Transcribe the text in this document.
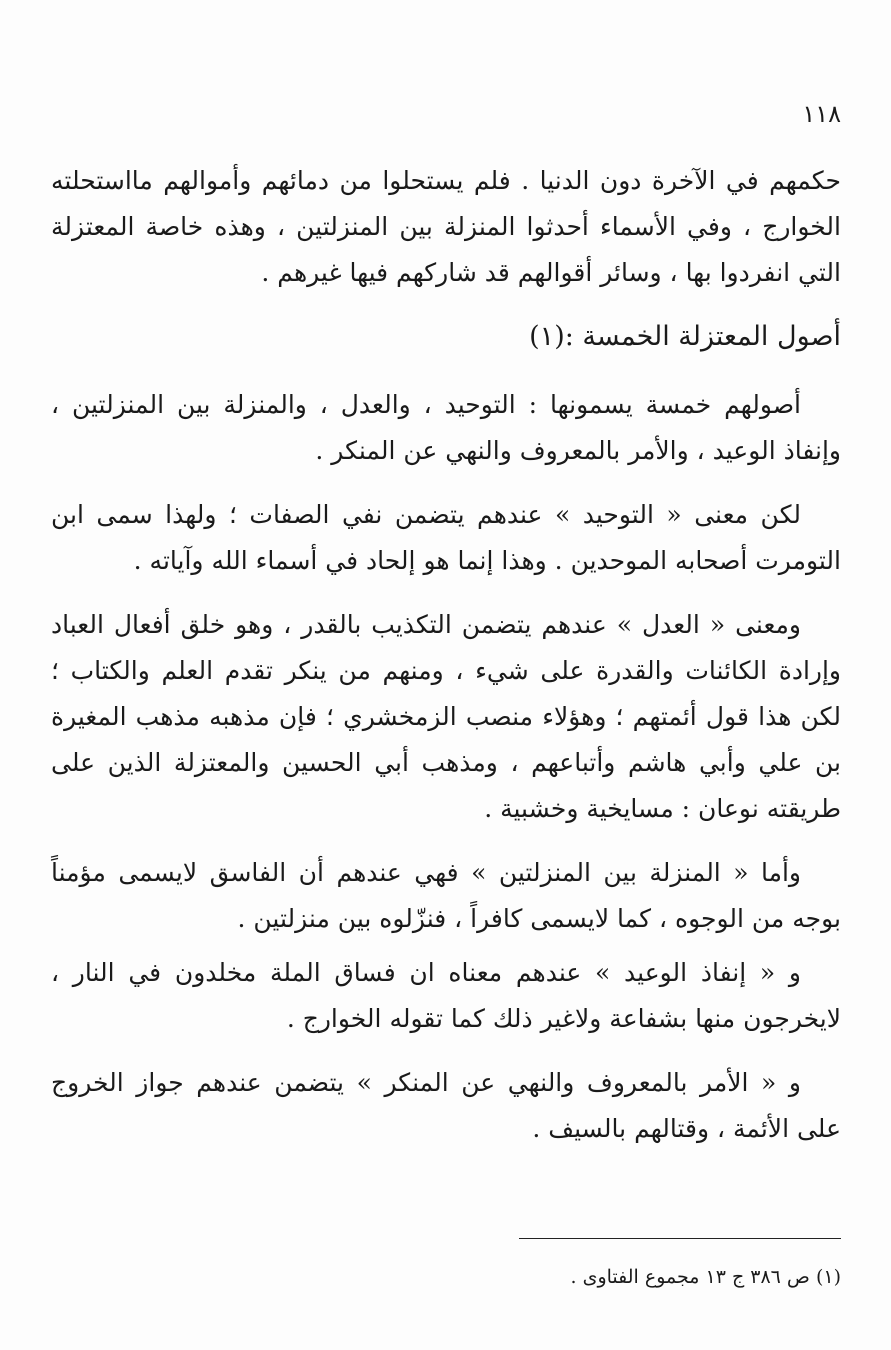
١١٨

حكمهم في الآخرة دون الدنيا . فلم يستحلوا من دمائهم وأموالهم مااستحلته الخوارج ، وفي الأسماء أحدثوا المنزلة بين المنزلتين ، وهذه خاصة المعتزلة التي انفردوا بها ، وسائر أقوالهم قد شاركهم فيها غيرهم .

أصول المعتزلة الخمسة :(١)

أصولهم خمسة يسمونها : التوحيد ، والعدل ، والمنزلة بين المنزلتين ، وإنفاذ الوعيد ، والأمر بالمعروف والنهي عن المنكر .

لكن معنى « التوحيد » عندهم يتضمن نفي الصفات ؛ ولهذا سمى ابن التومرت أصحابه الموحدين . وهذا إنما هو إلحاد في أسماء الله وآياته .

ومعنى « العدل » عندهم يتضمن التكذيب بالقدر ، وهو خلق أفعال العباد وإرادة الكائنات والقدرة على شيء ، ومنهم من ينكر تقدم العلم والكتاب ؛ لكن هذا قول أئمتهم ؛ وهؤلاء منصب الزمخشري ؛ فإن مذهبه مذهب المغيرة بن علي وأبي هاشم وأتباعهم ، ومذهب أبي الحسين والمعتزلة الذين على طريقته نوعان : مسايخية وخشبية .

وأما « المنزلة بين المنزلتين » فهي عندهم أن الفاسق لايسمى مؤمناً بوجه من الوجوه ، كما لايسمى كافراً ، فنزّلوه بين منزلتين .

و « إنفاذ الوعيد » عندهم معناه ان فساق الملة مخلدون في النار ، لايخرجون منها بشفاعة ولاغير ذلك كما تقوله الخوارج .

و « الأمر بالمعروف والنهي عن المنكر » يتضمن عندهم جواز الخروج على الأئمة ، وقتالهم بالسيف .

(١) ص ٣٨٦ ج ١٣ مجموع الفتاوى .
